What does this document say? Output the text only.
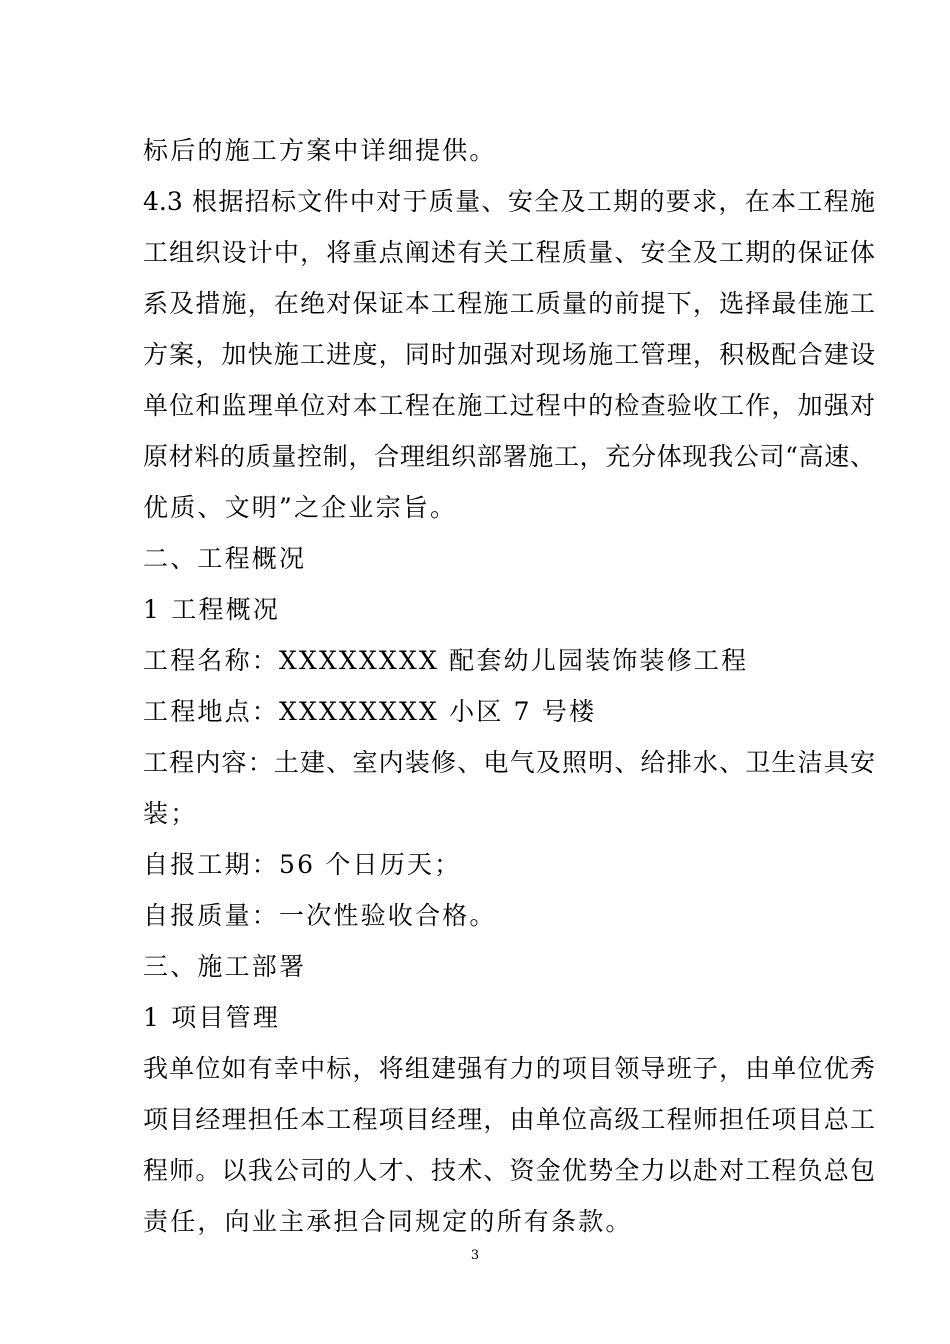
标后的施工方案中详细提供。
4.3 根据招标文件中对于质量、安全及工期的要求，在本工程施
工组织设计中，将重点阐述有关工程质量、安全及工期的保证体
系及措施，在绝对保证本工程施工质量的前提下，选择最佳施工
方案，加快施工进度，同时加强对现场施工管理，积极配合建设
单位和监理单位对本工程在施工过程中的检查验收工作，加强对
原材料的质量控制，合理组织部署施工，充分体现我公司“高速、
优质、文明”之企业宗旨。
二、工程概况
1 工程概况
工程名称：XXXXXXXX 配套幼儿园装饰装修工程
工程地点：XXXXXXXX 小区 7 号楼
工程内容：土建、室内装修、电气及照明、给排水、卫生洁具安
装；
自报工期：56 个日历天；
自报质量：一次性验收合格。
三、施工部署
1 项目管理
我单位如有幸中标，将组建强有力的项目领导班子，由单位优秀
项目经理担任本工程项目经理，由单位高级工程师担任项目总工
程师。以我公司的人才、技术、资金优势全力以赴对工程负总包
责任，向业主承担合同规定的所有条款。
3
